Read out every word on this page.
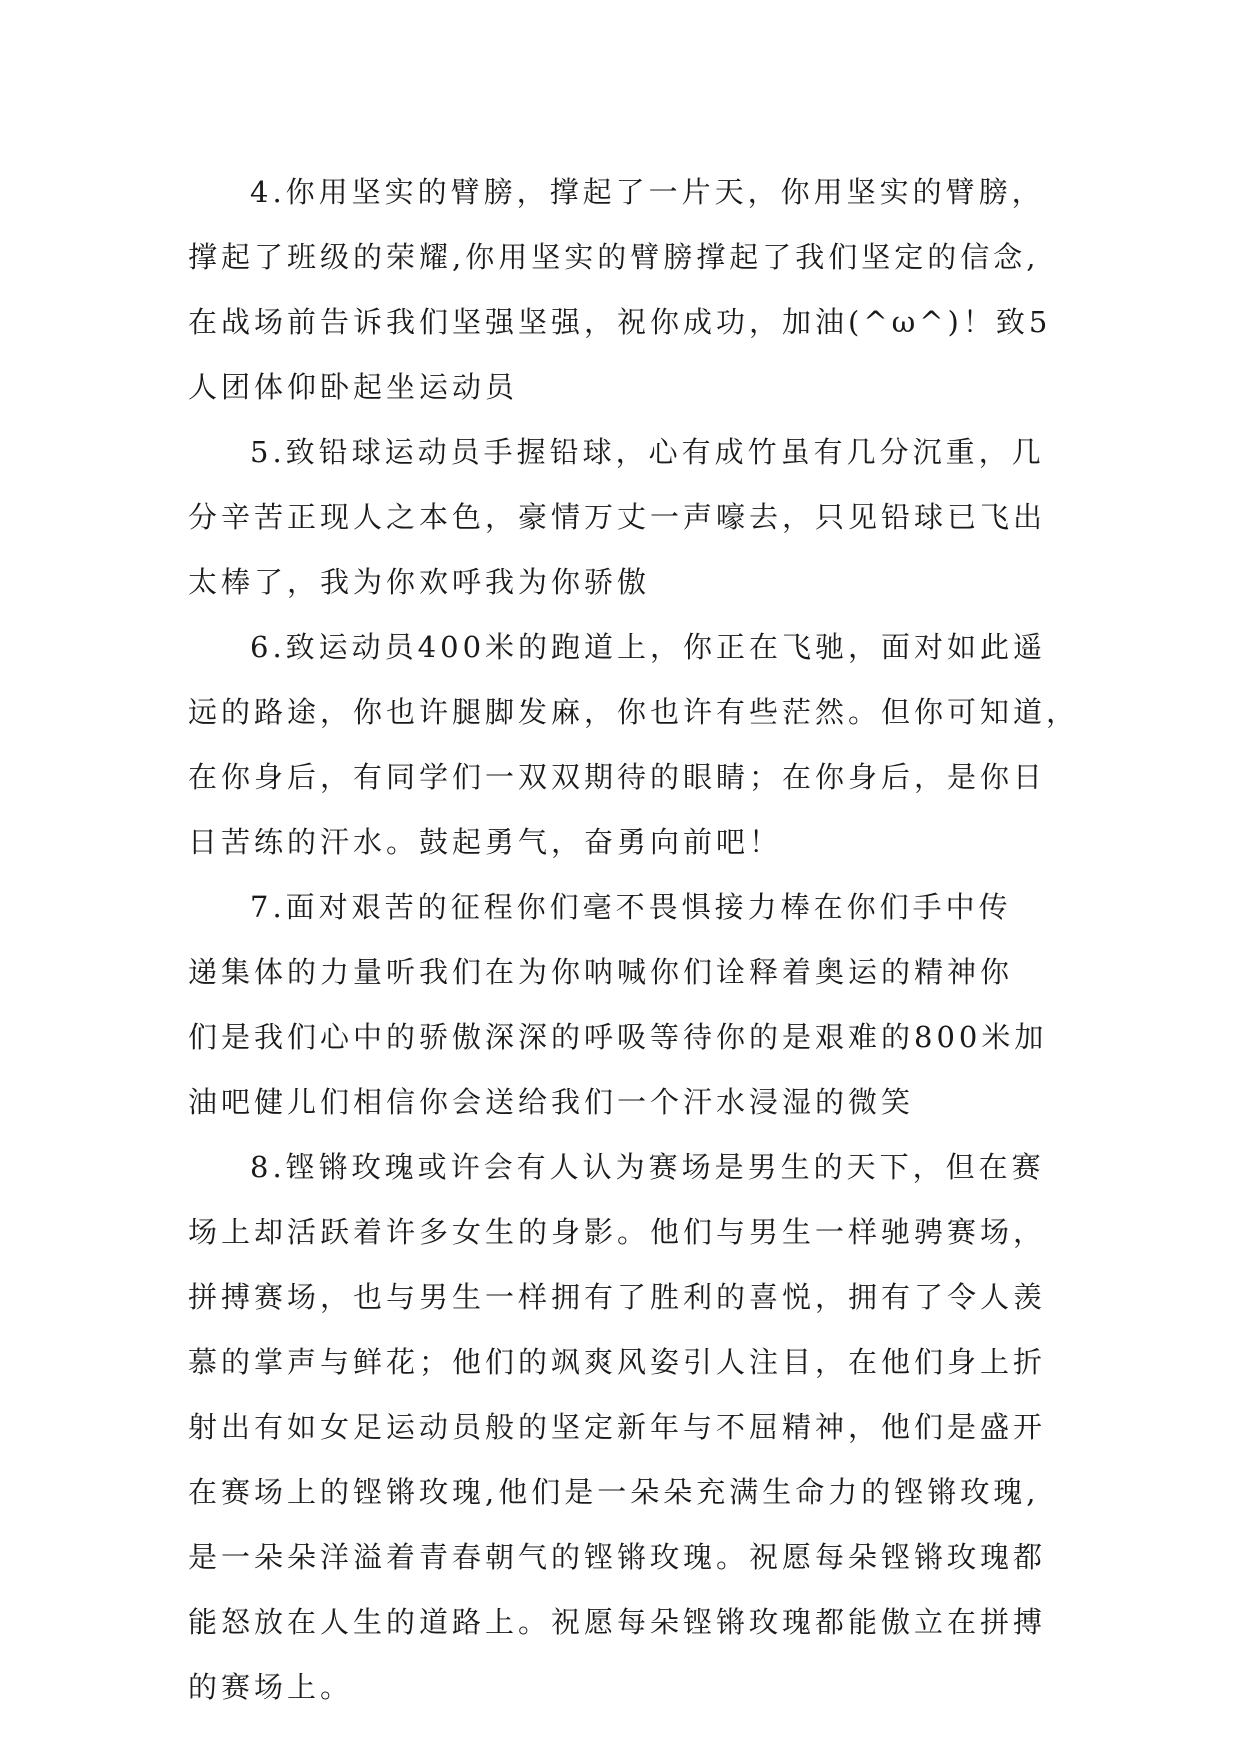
4.你用坚实的臂膀，撑起了一片天，你用坚实的臂膀，
撑起了班级的荣耀,你用坚实的臂膀撑起了我们坚定的信念,
在战场前告诉我们坚强坚强，祝你成功，加油(^ω^)！致5
人团体仰卧起坐运动员

5.致铅球运动员手握铅球，心有成竹虽有几分沉重，几
分辛苦正现人之本色，豪情万丈一声嚎去，只见铅球已飞出
太棒了，我为你欢呼我为你骄傲

6.致运动员400米的跑道上，你正在飞驰，面对如此遥
远的路途，你也许腿脚发麻，你也许有些茫然。但你可知道，
在你身后，有同学们一双双期待的眼睛；在你身后，是你日
日苦练的汗水。鼓起勇气，奋勇向前吧！

7.面对艰苦的征程你们毫不畏惧接力棒在你们手中传
递集体的力量听我们在为你呐喊你们诠释着奥运的精神你
们是我们心中的骄傲深深的呼吸等待你的是艰难的800米加
油吧健儿们相信你会送给我们一个汗水浸湿的微笑

8.铿锵玫瑰或许会有人认为赛场是男生的天下，但在赛
场上却活跃着许多女生的身影。他们与男生一样驰骋赛场，
拼搏赛场，也与男生一样拥有了胜利的喜悦，拥有了令人羡
慕的掌声与鲜花；他们的飒爽风姿引人注目，在他们身上折
射出有如女足运动员般的坚定新年与不屈精神，他们是盛开
在赛场上的铿锵玫瑰,他们是一朵朵充满生命力的铿锵玫瑰,
是一朵朵洋溢着青春朝气的铿锵玫瑰。祝愿每朵铿锵玫瑰都
能怒放在人生的道路上。祝愿每朵铿锵玫瑰都能傲立在拼搏
的赛场上。
